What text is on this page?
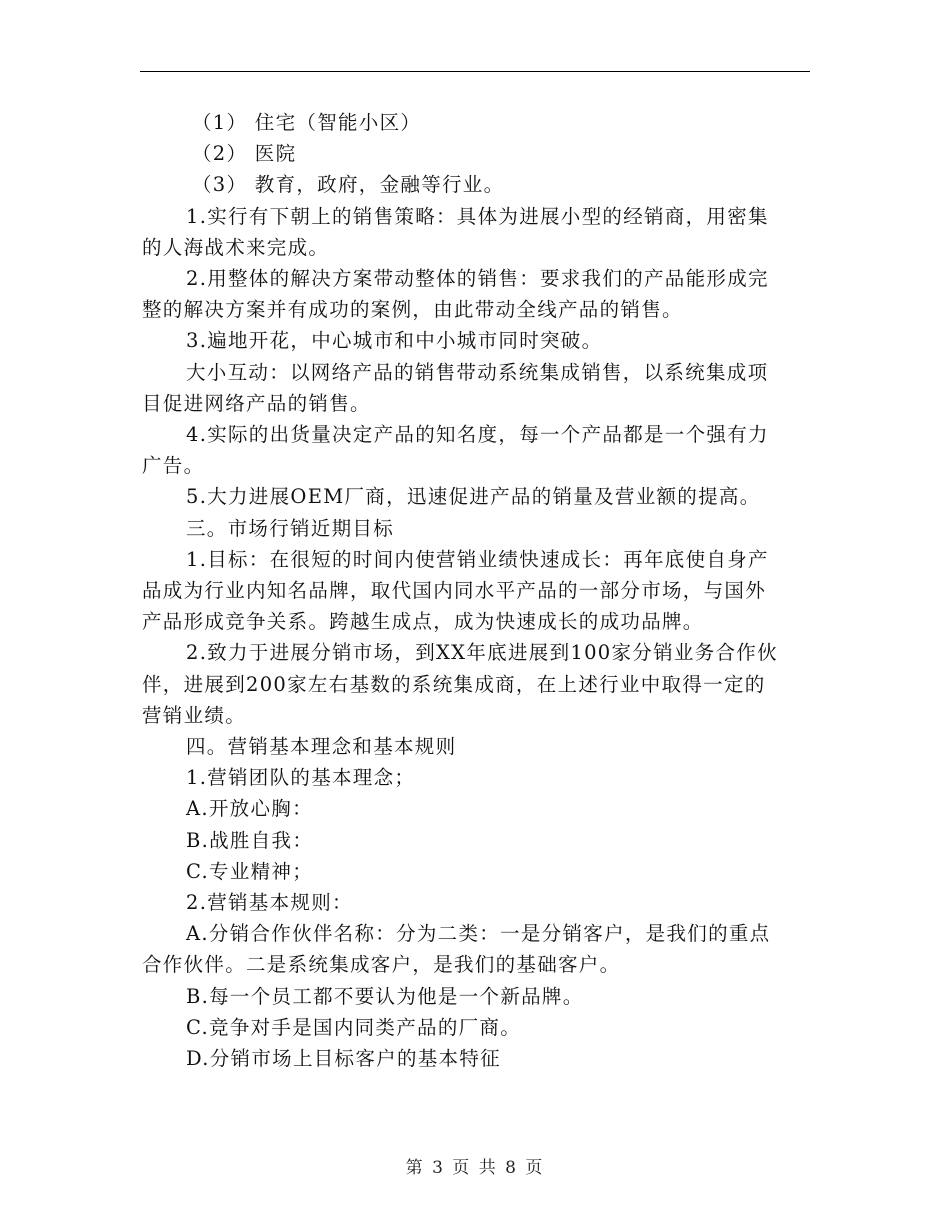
（1） 住宅（智能小区）
（2） 医院
（3） 教育，政府，金融等行业。
1.实行有下朝上的销售策略：具体为进展小型的经销商，用密集
的人海战术来完成。
2.用整体的解决方案带动整体的销售：要求我们的产品能形成完
整的解决方案并有成功的案例，由此带动全线产品的销售。
3.遍地开花，中心城市和中小城市同时突破。
大小互动：以网络产品的销售带动系统集成销售，以系统集成项
目促进网络产品的销售。
4.实际的出货量决定产品的知名度，每一个产品都是一个强有力
广告。
5.大力进展OEM厂商，迅速促进产品的销量及营业额的提高。
三。市场行销近期目标
1.目标：在很短的时间内使营销业绩快速成长：再年底使自身产
品成为行业内知名品牌，取代国内同水平产品的一部分市场，与国外
产品形成竞争关系。跨越生成点，成为快速成长的成功品牌。
2.致力于进展分销市场，到XX年底进展到100家分销业务合作伙
伴，进展到200家左右基数的系统集成商，在上述行业中取得一定的
营销业绩。
四。营销基本理念和基本规则
1.营销团队的基本理念；
A.开放心胸：
B.战胜自我：
C.专业精神；
2.营销基本规则：
A.分销合作伙伴名称：分为二类：一是分销客户，是我们的重点
合作伙伴。二是系统集成客户，是我们的基础客户。
B.每一个员工都不要认为他是一个新品牌。
C.竞争对手是国内同类产品的厂商。
D.分销市场上目标客户的基本特征

第 3 页 共 8 页
